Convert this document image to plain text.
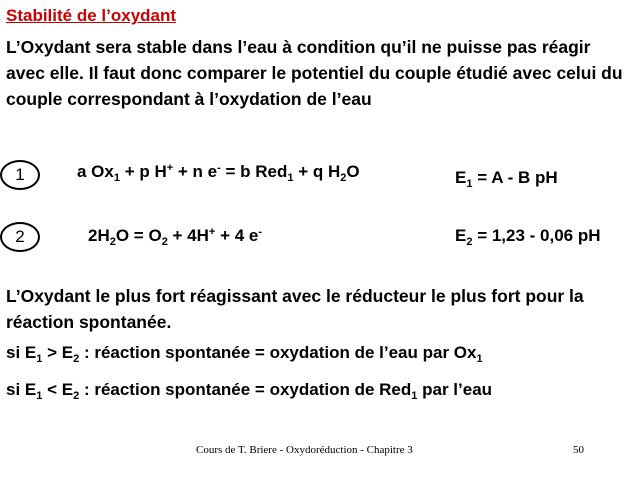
Stabilité de l’oxydant
L’Oxydant sera stable dans l’eau à condition qu’il ne puisse pas réagir avec elle. Il faut donc comparer le potentiel du couple étudié avec celui du couple correspondant à l’oxydation de l’eau
1	a $Ox_1 + p$ H+ + n e- = b Red$_1$ + q $H_2O$	$E_1 = A - B$ pH
2	$2H_2O = O_2 + 4H^+ + 4$ e-	$E_2 = 1,23 - 0,06$ pH
L’Oxydant le plus fort réagissant avec le réducteur le plus fort pour la réaction spontanée.
si $E_1 > E_2$ : réaction spontanée = oxydation de l’eau par $Ox_1$
si $E_1 < E_2$ : réaction spontanée = oxydation de Red$_1$ par l’eau
Cours de T. Briere - Oxydoréduction - Chapitre 3	50
